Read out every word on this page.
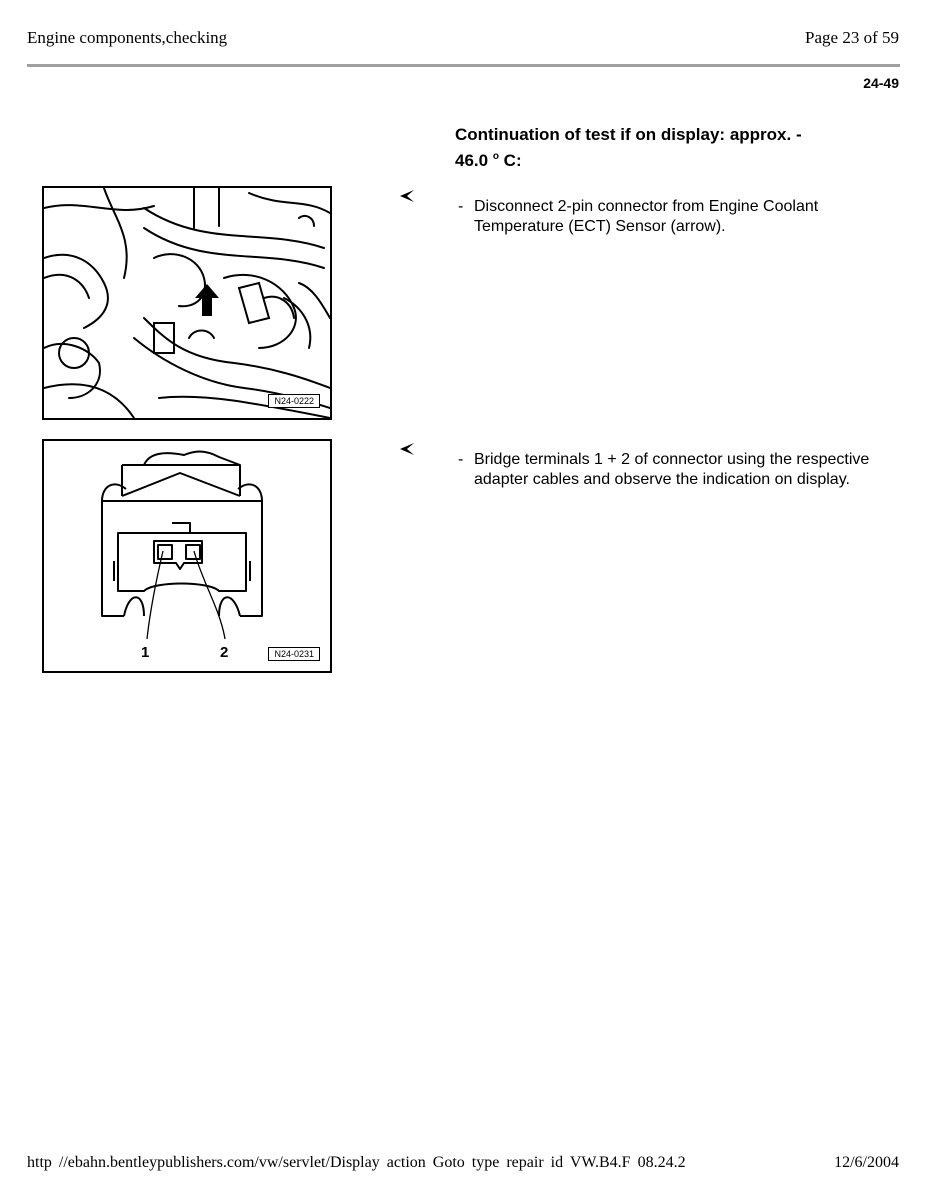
Engine components,checking	Page 23 of 59
24-49
Continuation of test if on display: approx. -
46.0 $^o$ C:
N24-0222
1	2	N24-0231
- Disconnect 2-pin connector from Engine Coolant Temperature (ECT) Sensor (arrow).
- Bridge terminals 1 + 2 of connector using the respective adapter cables and observe the indication on display.
http //ebahn.bentleypublishers.com/vw/servlet/Display action Goto type repair id VW.B4.F 08.24.2	12/6/2004
